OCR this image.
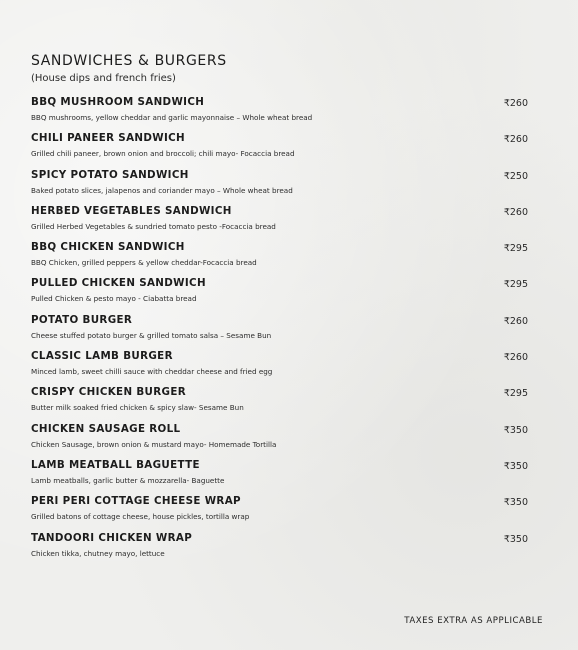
SANDWICHES & BURGERS
(House dips and french fries)
BBQ MUSHROOM SANDWICH
BBQ mushrooms, yellow cheddar and garlic mayonnaise – Whole wheat bread
₹260
CHILI PANEER SANDWICH
Grilled chili paneer, brown onion and broccoli; chili mayo- Focaccia bread
₹260
SPICY POTATO SANDWICH
Baked potato slices, jalapenos and coriander mayo – Whole wheat bread
₹250
HERBED VEGETABLES SANDWICH
Grilled Herbed Vegetables & sundried tomato pesto -Focaccia bread
₹260
BBQ CHICKEN SANDWICH
BBQ Chicken, grilled peppers & yellow cheddar-Focaccia bread
₹295
PULLED CHICKEN SANDWICH
Pulled Chicken & pesto mayo - Ciabatta bread
₹295
POTATO BURGER
Cheese stuffed potato burger & grilled tomato salsa – Sesame Bun
₹260
CLASSIC LAMB BURGER
Minced lamb, sweet chilli sauce with cheddar cheese and fried egg
₹260
CRISPY CHICKEN BURGER
Butter milk soaked fried chicken & spicy slaw- Sesame Bun
₹295
CHICKEN SAUSAGE ROLL
Chicken Sausage, brown onion & mustard mayo- Homemade Tortilla
₹350
LAMB MEATBALL BAGUETTE
Lamb meatballs, garlic butter & mozzarella- Baguette
₹350
PERI PERI COTTAGE CHEESE WRAP
Grilled batons of cottage cheese, house pickles, tortilla wrap
₹350
TANDOORI CHICKEN WRAP
Chicken tikka, chutney mayo, lettuce
₹350
TAXES EXTRA AS APPLICABLE
